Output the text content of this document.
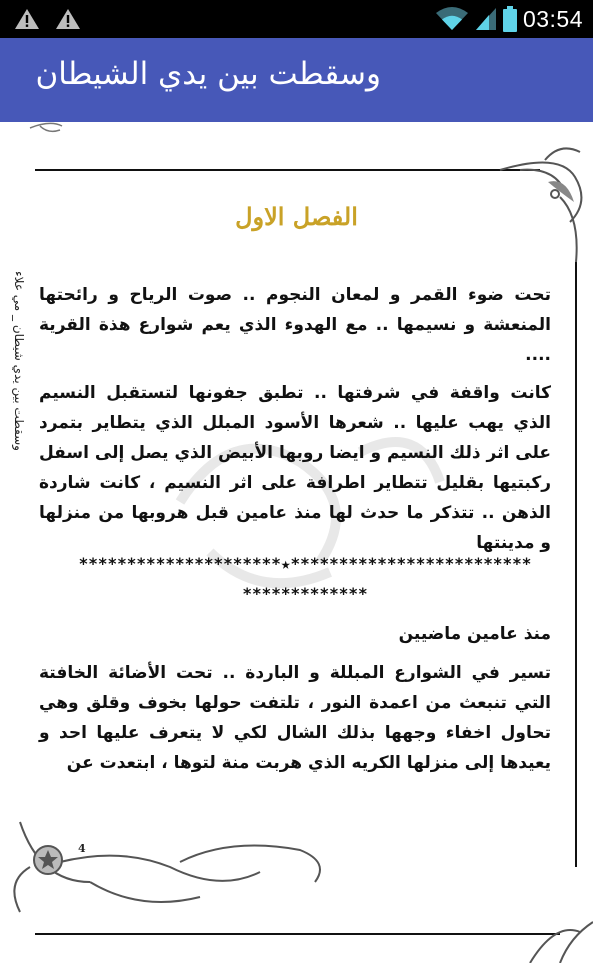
03:54
وسقطت بين يدي الشيطان
وسقطت بين يدي شيطان _ مي علاء
الفصل الاول
تحت ضوء القمر و لمعان النجوم .. صوت الرياح و رائحتها المنعشة و نسيمها .. مع الهدوء الذي يعم شوارع هذة القرية ....
كانت واقفة في شرفتها .. تطبق جفونها لتستقبل النسيم الذي يهب عليها .. شعرها الأسود المبلل الذي يتطاير بتمرد على اثر ذلك النسيم و ايضا روبها الأبيض الذي يصل إلى اسفل ركبتيها بقليل تتطاير اطرافة على اثر النسيم ، كانت شاردة الذهن .. تتذكر ما حدث لها منذ عامين قبل هروبها من منزلها و مدينتها
*********************★*************************
*************
منذ عامين ماضيين
تسير في الشوارع المبللة و الباردة .. تحت الأضائة الخافتة التي تنبعث من اعمدة النور ، تلتفت حولها بخوف وقلق وهي تحاول اخفاء وجهها بذلك الشال لكي لا يتعرف عليها احد و يعيدها إلى منزلها الكريه الذي هربت منة لتوها ، ابتعدت عن
4
